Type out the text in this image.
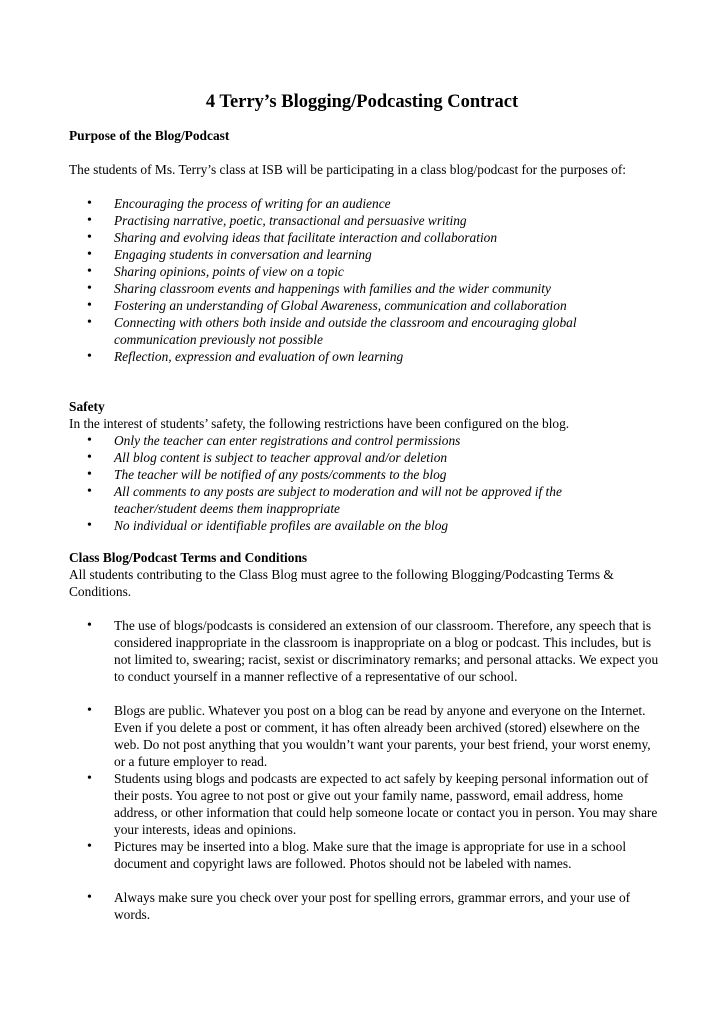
4 Terry’s Blogging/Podcasting Contract

Purpose of the Blog/Podcast

The students of Ms. Terry’s class at ISB will be participating in a class blog/podcast for the purposes of:

• Encouraging the process of writing for an audience
• Practising narrative, poetic, transactional and persuasive writing
• Sharing and evolving ideas that facilitate interaction and collaboration
• Engaging students in conversation and learning
• Sharing opinions, points of view on a topic
• Sharing classroom events and happenings with families and the wider community
• Fostering an understanding of Global Awareness, communication and collaboration
• Connecting with others both inside and outside the classroom and encouraging global communication previously not possible
• Reflection, expression and evaluation of own learning

Safety

In the interest of students’ safety, the following restrictions have been configured on the blog.

• Only the teacher can enter registrations and control permissions
• All blog content is subject to teacher approval and/or deletion
• The teacher will be notified of any posts/comments to the blog
• All comments to any posts are subject to moderation and will not be approved if the teacher/student deems them inappropriate
• No individual or identifiable profiles are available on the blog

Class Blog/Podcast Terms and Conditions

All students contributing to the Class Blog must agree to the following Blogging/Podcasting Terms & Conditions.

• The use of blogs/podcasts is considered an extension of our classroom. Therefore, any speech that is considered inappropriate in the classroom is inappropriate on a blog or podcast. This includes, but is not limited to, swearing; racist, sexist or discriminatory remarks; and personal attacks. We expect you to conduct yourself in a manner reflective of a representative of our school.
• Blogs are public. Whatever you post on a blog can be read by anyone and everyone on the Internet. Even if you delete a post or comment, it has often already been archived (stored) elsewhere on the web. Do not post anything that you wouldn’t want your parents, your best friend, your worst enemy, or a future employer to read.
• Students using blogs and podcasts are expected to act safely by keeping personal information out of their posts. You agree to not post or give out your family name, password, email address, home address, or other information that could help someone locate or contact you in person. You may share your interests, ideas and opinions.
• Pictures may be inserted into a blog. Make sure that the image is appropriate for use in a school document and copyright laws are followed. Photos should not be labeled with names.
• Always make sure you check over your post for spelling errors, grammar errors, and your use of words.
